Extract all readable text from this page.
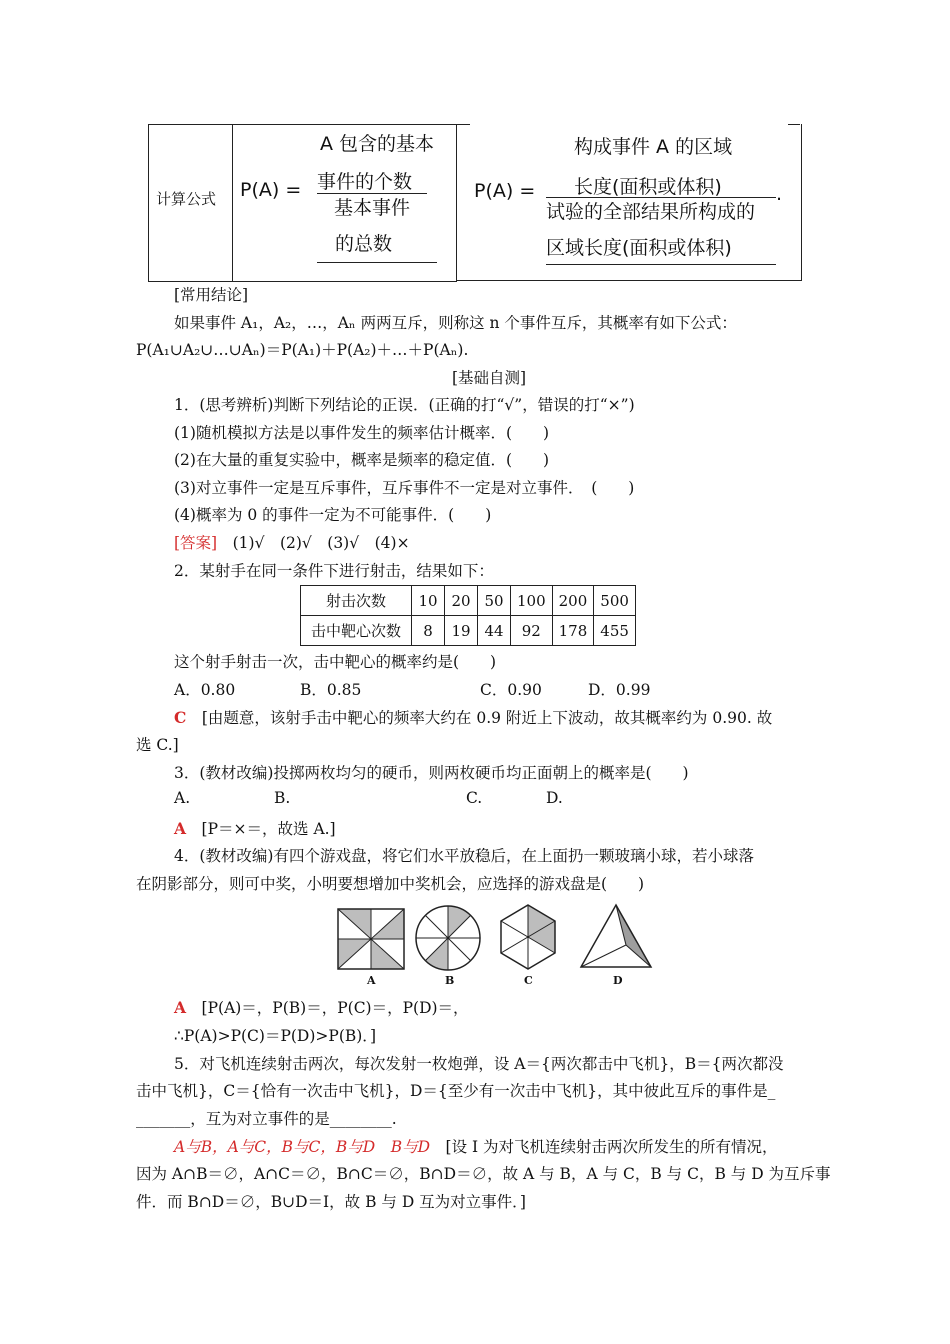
计算公式 P(A) =
A 包含的基本
事件的个数
基本事件
的总数
P(A) =
构成事件 A 的区域
长度(面积或体积)	.
试验的全部结果所构成的
区域长度(面积或体积)
[常用结论]
如果事件 A₁，A₂，…，Aₙ 两两互斥，则称这 n 个事件互斥，其概率有如下公式：
P(A₁∪A₂∪…∪Aₙ)＝P(A₁)＋P(A₂)＋…＋P(Aₙ).
[基础自测]
1．(思考辨析)判断下列结论的正误．(正确的打“√”，错误的打“×”)
(1)随机模拟方法是以事件发生的频率估计概率．(　　)
(2)在大量的重复实验中，概率是频率的稳定值．(　　)
(3)对立事件一定是互斥事件，互斥事件不一定是对立事件．　(　　)
(4)概率为 0 的事件一定为不可能事件．(　　)
[答案]　(1)√　(2)√　(3)√　(4)×
2．某射手在同一条件下进行射击，结果如下：
射击次数	10	20	50	100	200	500
击中靶心次数	8	19	44	92	178	455
这个射手射击一次，击中靶心的概率约是(　　)
A．0.80	B．0.85	C．0.90	D．0.99
C　 [由题意，该射手击中靶心的频率大约在 0.9 附近上下波动，故其概率约为 0.90. 故
选 C.]
3．(教材改编)投掷两枚均匀的硬币，则两枚硬币均正面朝上的概率是(　　)
A.	B.	C.	D.
A　 [P＝×＝，故选 A.]
4．(教材改编)有四个游戏盘，将它们水平放稳后，在上面扔一颗玻璃小球，若小球落
在阴影部分，则可中奖，小明要想增加中奖机会，应选择的游戏盘是(　　)
A	B	C	D
A　 [P(A)＝，P(B)＝，P(C)＝，P(D)＝，
∴P(A)>P(C)＝P(D)>P(B)．]
5．对飞机连续射击两次，每次发射一枚炮弹，设 A＝{两次都击中飞机}，B＝{两次都没
击中飞机}，C＝{恰有一次击中飞机}，D＝{至少有一次击中飞机}，其中彼此互斥的事件是_
_______，互为对立事件的是________.
A与B，A与C，B与C，B与D　B与D　[设 I 为对飞机连续射击两次所发生的所有情况，
因为 A∩B＝∅，A∩C＝∅，B∩C＝∅，B∩D＝∅，故 A 与 B，A 与 C，B 与 C，B 与 D 为互斥事
件．而 B∩D＝∅，B∪D＝I，故 B 与 D 互为对立事件．]
